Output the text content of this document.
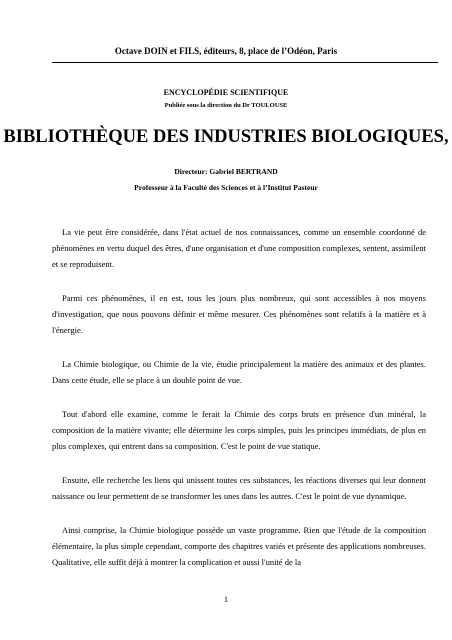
Octave DOIN et FILS, éditeurs, 8, place de l’Odéon, Paris
ENCYCLOPÉDIE SCIENTIFIQUE
Publiée sous la direction du Dr TOULOUSE
BIBLIOTHÈQUE DES INDUSTRIES BIOLOGIQUES,
Directeur: Gabriel BERTRAND
Professeur à la Faculté des Sciences et à l’Institut Pasteur

La vie peut être considérée, dans l'état actuel de nos connaissances, comme un ensemble coordonné de phénomènes en vertu duquel des êtres, d'une organisation et d'une composition complexes, sentent, assimilent et se reproduisent.

Parmi ces phénomènes, il en est, tous les jours plus nombreux, qui sont accessibles à nos moyens d'investigation, que nous pouvons définir et même mesurer. Ces phénomènes sont relatifs à la matière et à l'énergie.

La Chimie biologique, ou Chimie de la vie, étudie principalement la matière des animaux et des plantes. Dans cette étude, elle se place à un double point de vue.

Tout d'abord elle examine, comme le ferait la Chimie des corps bruts en présence d'un minéral, la composition de la matière vivante; elle détermine les corps simples, puis les principes immédiats, de plus en plus complexes, qui entrent dans sa composition. C'est le point de vue statique.

Ensuite, elle recherche les liens qui unissent toutes ces substances, les réactions diverses qui leur donnent naissance ou leur permettent de se transformer les unes dans les autres. C'est le point de vue dynamique.

Ainsi comprise, la Chimie biologique possède un vaste programme. Rien que l'étude de la composition élémentaire, la plus simple cependant, comporte des chapitres variés et présente des applications nombreuses. Qualitative, elle suffit déjà à montrer la complication et aussi l'unité de la

1
